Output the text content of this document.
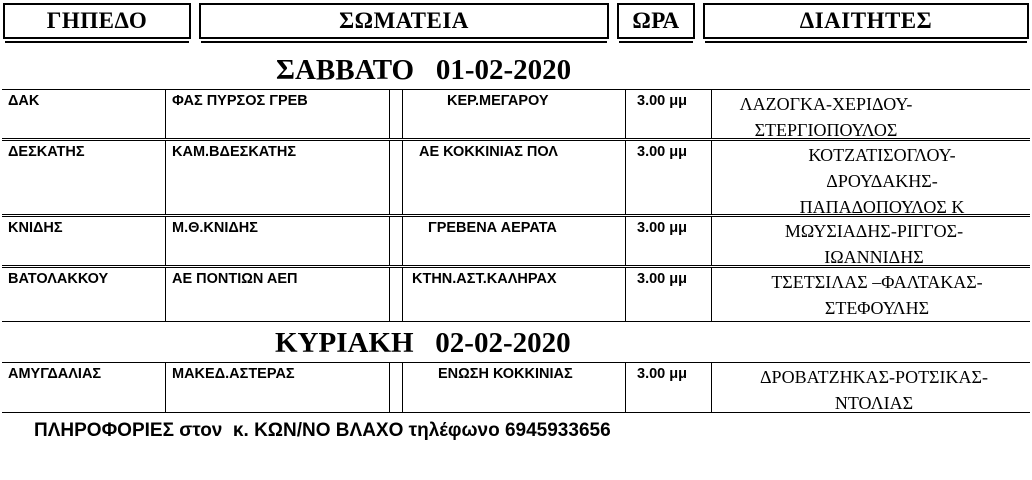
ΓΗΠΕΔΟ	ΣΩΜΑΤΕΙΑ	ΩΡΑ	ΔΙΑΙΤΗΤΕΣ
ΣΑΒΒΑΤΟ   01-02-2020
ΔΑΚ	ΦΑΣ ΠΥΡΣΟΣ ΓΡΕΒ	ΚΕΡ.ΜΕΓΑΡΟΥ	3.00 μμ	ΛΑΖΟΓΚΑ-ΧΕΡΙΔΟΥ-
ΣΤΕΡΓΙΟΠΟΥΛΟΣ
ΔΕΣΚΑΤΗΣ	ΚΑΜ.ΒΔΕΣΚΑΤΗΣ	ΑΕ ΚΟΚΚΙΝΙΑΣ ΠΟΛ	3.00 μμ	ΚΟΤΖΑΤΙΣΟΓΛΟΥ-
ΔΡΟΥΔΑΚΗΣ-
ΠΑΠΑΔΟΠΟΥΛΟΣ Κ
ΚΝΙΔΗΣ	Μ.Θ.ΚΝΙΔΗΣ	ΓΡΕΒΕΝΑ ΑΕΡΑΤΑ	3.00 μμ	ΜΩΥΣΙΑΔΗΣ-ΡΙΓΓΟΣ-
ΙΩΑΝΝΙΔΗΣ
ΒΑΤΟΛΑΚΚΟΥ	ΑΕ ΠΟΝΤΙΩΝ ΑΕΠ	ΚΤΗΝ.ΑΣΤ.ΚΑΛΗΡΑΧ	3.00 μμ	ΤΣΕΤΣΙΛΑΣ –ΦΑΛΤΑΚΑΣ-
ΣΤΕΦΟΥΛΗΣ
ΚΥΡΙΑΚΗ   02-02-2020
ΑΜΥΓΔΑΛΙΑΣ	ΜΑΚΕΔ.ΑΣΤΕΡΑΣ	ΕΝΩΣΗ ΚΟΚΚΙΝΙΑΣ	3.00 μμ	ΔΡΟΒΑΤΖΗΚΑΣ-ΡΟΤΣΙΚΑΣ-
ΝΤΟΛΙΑΣ
ΠΛΗΡΟΦΟΡΙΕΣ στον  κ. ΚΩΝ/ΝΟ ΒΛΑΧΟ τηλέφωνο 6945933656
